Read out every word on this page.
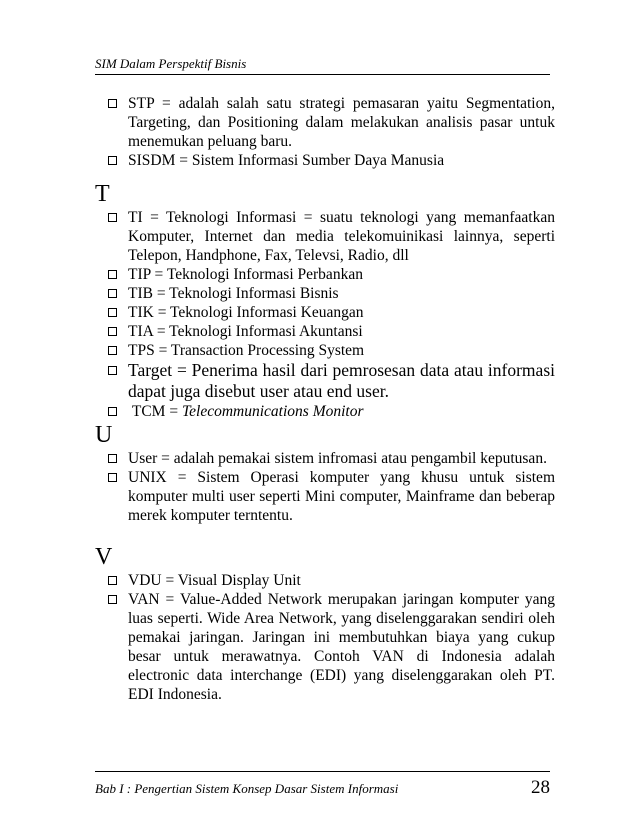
SIM Dalam Perspektif Bisnis
STP = adalah salah satu strategi pemasaran yaitu Segmentation, Targeting, dan Positioning dalam melakukan analisis pasar untuk menemukan peluang baru.
SISDM = Sistem Informasi Sumber Daya Manusia
T
TI = Teknologi Informasi = suatu teknologi yang memanfaatkan Komputer, Internet dan media telekomuinikasi lainnya, seperti Telepon, Handphone, Fax, Televsi, Radio, dll
TIP = Teknologi Informasi Perbankan
TIB = Teknologi Informasi Bisnis
TIK = Teknologi Informasi Keuangan
TIA = Teknologi Informasi Akuntansi
TPS = Transaction Processing System
Target = Penerima hasil dari pemrosesan data atau informasi dapat juga disebut user atau end user.
TCM = Telecommunications Monitor
U
User = adalah pemakai sistem infromasi atau pengambil keputusan.
UNIX = Sistem Operasi komputer yang khusu untuk sistem komputer multi user seperti Mini computer, Mainframe dan beberap merek komputer terntentu.
V
VDU = Visual Display Unit
VAN = Value-Added Network merupakan jaringan komputer yang luas seperti. Wide Area Network, yang diselenggarakan sendiri oleh pemakai jaringan. Jaringan ini membutuhkan biaya yang cukup besar untuk merawatnya. Contoh VAN di Indonesia adalah electronic data interchange (EDI) yang diselenggarakan oleh PT. EDI Indonesia.
Bab I : Pengertian Sistem Konsep Dasar Sistem Informasi	28
